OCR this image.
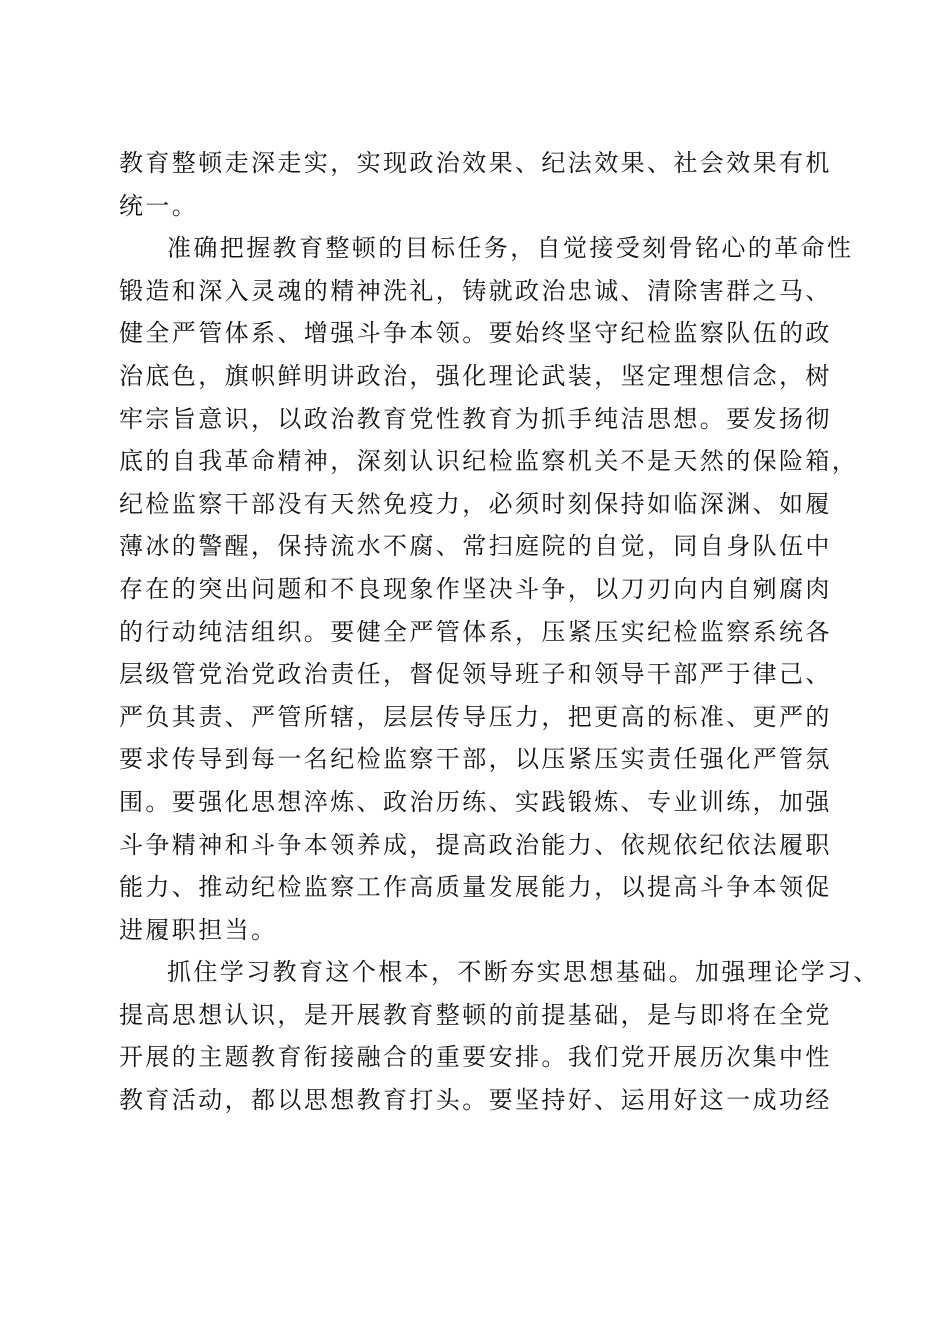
教育整顿走深走实，实现政治效果、纪法效果、社会效果有机
统一。
准确把握教育整顿的目标任务，自觉接受刻骨铭心的革命性
锻造和深入灵魂的精神洗礼，铸就政治忠诚、清除害群之马、
健全严管体系、增强斗争本领。要始终坚守纪检监察队伍的政
治底色，旗帜鲜明讲政治，强化理论武装，坚定理想信念，树
牢宗旨意识，以政治教育党性教育为抓手纯洁思想。要发扬彻
底的自我革命精神，深刻认识纪检监察机关不是天然的保险箱，
纪检监察干部没有天然免疫力，必须时刻保持如临深渊、如履
薄冰的警醒，保持流水不腐、常扫庭院的自觉，同自身队伍中
存在的突出问题和不良现象作坚决斗争，以刀刃向内自剜腐肉
的行动纯洁组织。要健全严管体系，压紧压实纪检监察系统各
层级管党治党政治责任，督促领导班子和领导干部严于律己、
严负其责、严管所辖，层层传导压力，把更高的标准、更严的
要求传导到每一名纪检监察干部，以压紧压实责任强化严管氛
围。要强化思想淬炼、政治历练、实践锻炼、专业训练，加强
斗争精神和斗争本领养成，提高政治能力、依规依纪依法履职
能力、推动纪检监察工作高质量发展能力，以提高斗争本领促
进履职担当。
抓住学习教育这个根本，不断夯实思想基础。加强理论学习、
提高思想认识，是开展教育整顿的前提基础，是与即将在全党
开展的主题教育衔接融合的重要安排。我们党开展历次集中性
教育活动，都以思想教育打头。要坚持好、运用好这一成功经
